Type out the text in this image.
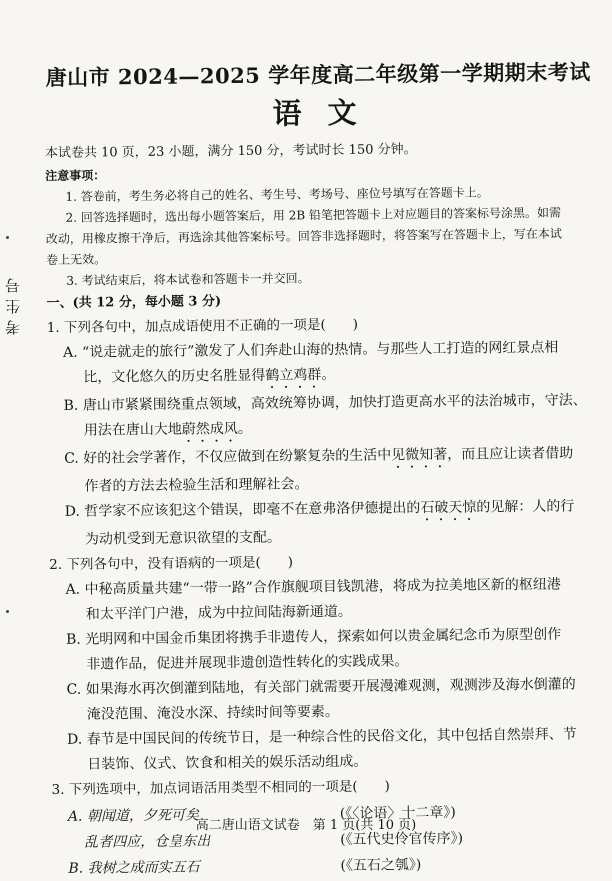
考生号
唐山市 2024—2025 学年度高二年级第一学期期末考试
语文
本试卷共 10 页，23 小题，满分 150 分，考试时长 150 分钟。
注意事项：
1. 答卷前，考生务必将自己的姓名、考生号、考场号、座位号填写在答题卡上。
2. 回答选择题时，选出每小题答案后，用 2B 铅笔把答题卡上对应题目的答案标号涂黑。如需
改动，用橡皮擦干净后，再选涂其他答案标号。回答非选择题时，将答案写在答题卡上，写在本试
卷上无效。
3. 考试结束后，将本试卷和答题卡一并交回。
一、(共 12 分，每小题 3 分)
1. 下列各句中，加点成语使用不正确的一项是(　　)
A. “说走就走的旅行”激发了人们奔赴山海的热情。与那些人工打造的网红景点相
比，文化悠久的历史名胜显得鹤立鸡群。
B. 唐山市紧紧围绕重点领域，高效统筹协调，加快打造更高水平的法治城市，守法、
用法在唐山大地蔚然成风。
C. 好的社会学著作，不仅应做到在纷繁复杂的生活中见微知著，而且应让读者借助
作者的方法去检验生活和理解社会。
D. 哲学家不应该犯这个错误，即毫不在意弗洛伊德提出的石破天惊的见解：人的行
为动机受到无意识欲望的支配。
2. 下列各句中，没有语病的一项是(　　)
A. 中秘高质量共建“一带一路”合作旗舰项目钱凯港，将成为拉美地区新的枢纽港
和太平洋门户港，成为中拉间陆海新通道。
B. 光明网和中国金币集团将携手非遗传人，探索如何以贵金属纪念币为原型创作
非遗作品，促进并展现非遗创造性转化的实践成果。
C. 如果海水再次倒灌到陆地，有关部门就需要开展漫滩观测，观测涉及海水倒灌的
淹没范围、淹没水深、持续时间等要素。
D. 春节是中国民间的传统节日，是一种综合性的民俗文化，其中包括自然崇拜、节
日装饰、仪式、饮食和相关的娱乐活动组成。
3. 下列选项中，加点词语活用类型不相同的一项是(　　)
A. 朝闻道，夕死可矣	(《〈论语〉十二章》)
乱者四应，仓皇东出	(《五代史伶官传序》)
B. 我树之成而实五石	(《五石之瓠》)
高二唐山语文试卷　第 1 页(共 10 页)
